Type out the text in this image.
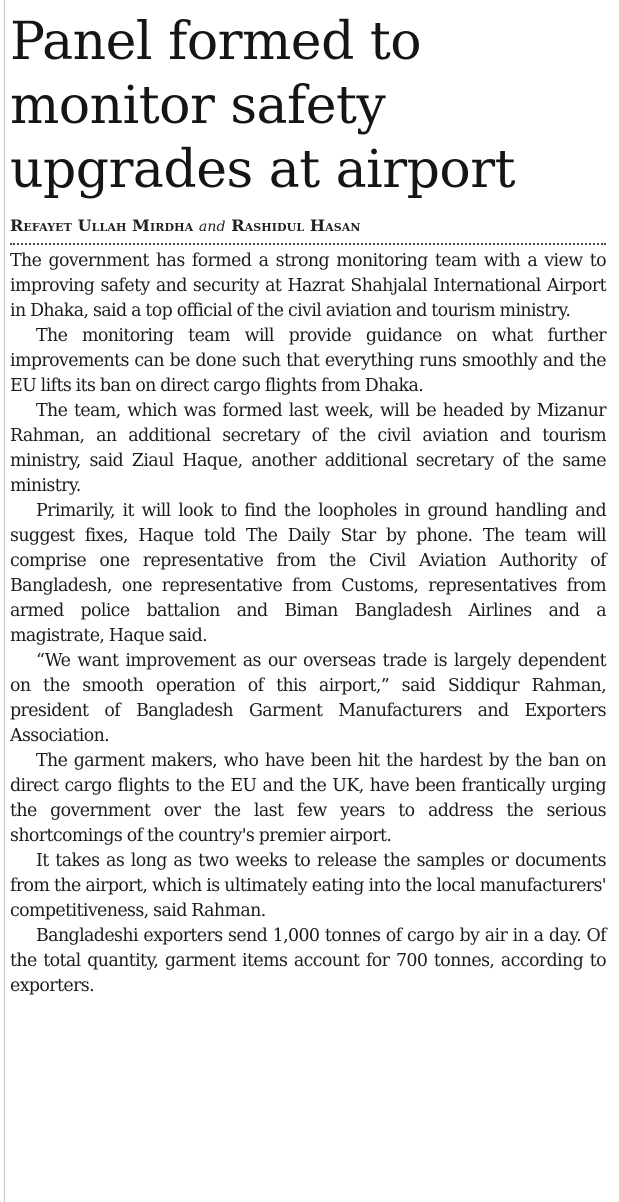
Panel formed to
monitor safety
upgrades at airport
Refayet Ullah Mirdha and Rashidul Hasan

The government has formed a strong monitoring team with a view to improving safety and security at Hazrat Shahjalal International Airport in Dhaka, said a top official of the civil aviation and tourism ministry.

The monitoring team will provide guidance on what further improvements can be done such that everything runs smoothly and the EU lifts its ban on direct cargo flights from Dhaka.

The team, which was formed last week, will be headed by Mizanur Rahman, an additional secretary of the civil aviation and tourism ministry, said Ziaul Haque, another additional secretary of the same ministry.

Primarily, it will look to find the loopholes in ground handling and suggest fixes, Haque told The Daily Star by phone. The team will comprise one representative from the Civil Aviation Authority of Bangladesh, one representative from Customs, representatives from armed police battalion and Biman Bangladesh Airlines and a magistrate, Haque said.

“We want improvement as our overseas trade is largely dependent on the smooth operation of this airport,” said Siddiqur Rahman, president of Bangladesh Garment Manufacturers and Exporters Association.

The garment makers, who have been hit the hardest by the ban on direct cargo flights to the EU and the UK, have been frantically urging the government over the last few years to address the serious shortcomings of the country's premier airport.

It takes as long as two weeks to release the samples or documents from the airport, which is ultimately eating into the local manufacturers' competitiveness, said Rahman.

Bangladeshi exporters send 1,000 tonnes of cargo by air in a day. Of the total quantity, garment items account for 700 tonnes, according to exporters.
